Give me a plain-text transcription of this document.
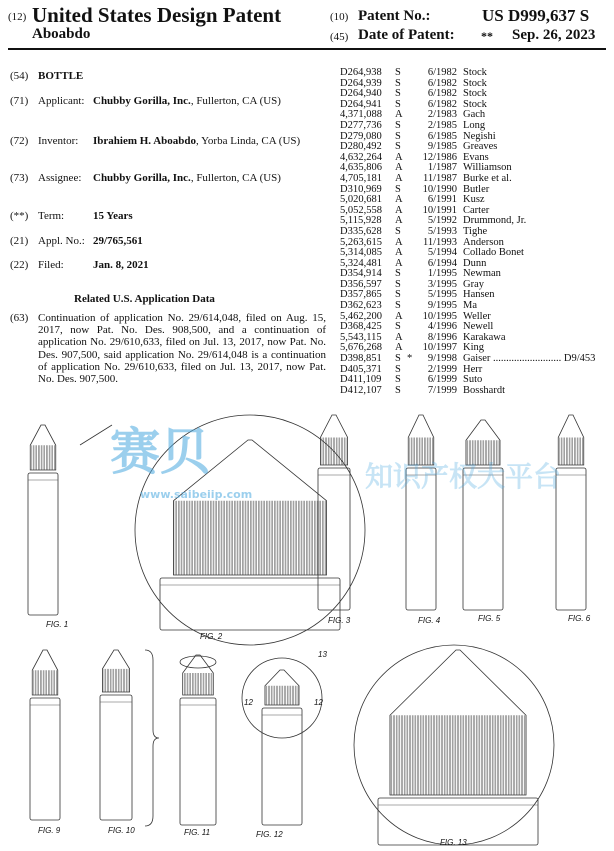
(12) United States Design Patent
Aboabdo
(10) Patent No.:	US D999,637 S
(45) Date of Patent: ** Sep. 26, 2023
(54) BOTTLE
(71) Applicant: Chubby Gorilla, Inc., Fullerton, CA (US)
(72) Inventor: Ibrahiem H. Aboabdo, Yorba Linda, CA (US)
(73) Assignee: Chubby Gorilla, Inc., Fullerton, CA (US)
(**) Term:	15 Years
(21) Appl. No.: 29/765,561
(22) Filed:	Jan. 8, 2021
Related U.S. Application Data
(63) Continuation of application No. 29/614,048, filed on Aug. 15, 2017, now Pat. No. Des. 908,500, and a continuation of application No. 29/610,633, filed on Jul. 13, 2017, now Pat. No. Des. 907,500, said application No. 29/614,048 is a continuation of application No. 29/610,633, filed on Jul. 13, 2017, now Pat. No. Des. 907,500.
D264,938	S	6/1982 Stock
D264,939	S	6/1982 Stock
D264,940	S	6/1982 Stock
D264,941	S	6/1982 Stock
4,371,088	A	2/1983 Gach
D277,736	S	2/1985 Long
D279,080	S	6/1985 Negishi
D280,492	S	9/1985 Greaves
4,632,264	A	12/1986 Evans
4,635,806	A	1/1987 Williamson
4,705,181	A	11/1987 Burke et al.
D310,969	S	10/1990 Butler
5,020,681	A	6/1991 Kusz
5,052,558	A	10/1991 Carter
5,115,928	A	5/1992 Drummond, Jr.
D335,628	S	5/1993 Tighe
5,263,615	A	11/1993 Anderson
5,314,085	A	5/1994 Collado Bonet
5,324,481	A	6/1994 Dunn
D354,914	S	1/1995 Newman
D356,597	S	3/1995 Gray
D357,865	S	5/1995 Hansen
D362,623	S	9/1995 Ma
5,462,200	A	10/1995 Weller
D368,425	S	4/1996 Newell
5,543,115	A	8/1996 Karakawa
5,676,268	A	10/1997 King
D398,851	S *	9/1998 Gaiser .......................... D9/453
D405,371	S	2/1999 Herr
D411,109	S	6/1999 Suto
D412,107	S	7/1999 Bosshardt
FIG. 1
FIG. 2
FIG. 3	FIG. 4	FIG. 5	FIG. 6
FIG. 9	FIG. 10	FIG. 11	FIG. 12
FIG. 13
12	12
13
赛贝
www.saibeiip.com
知识产权大平台
